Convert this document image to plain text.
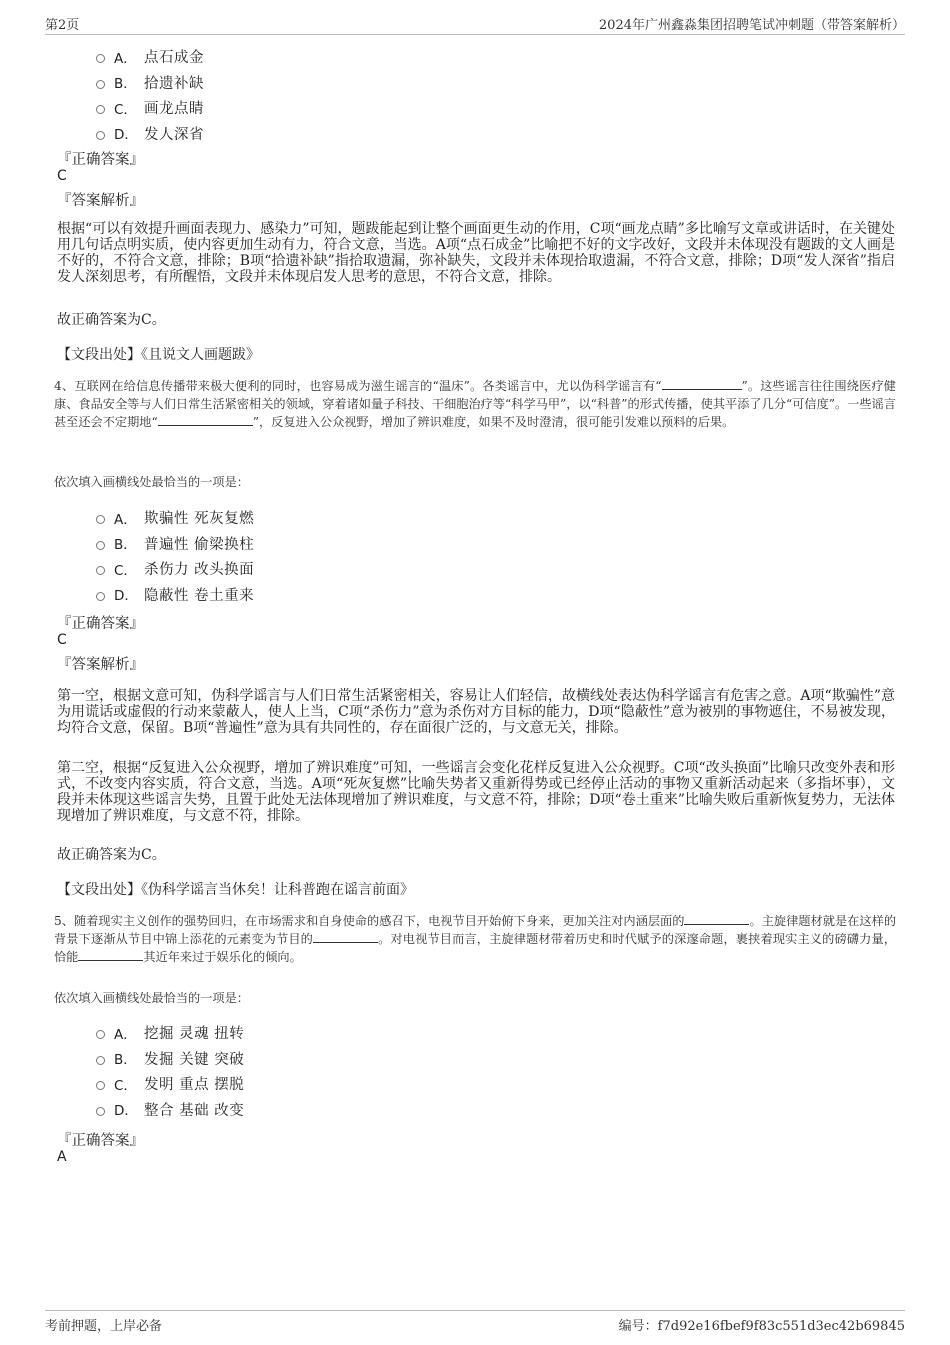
第2页	2024年广州鑫淼集团招聘笔试冲刺题（带答案解析）
A． 点石成金
B． 拾遗补缺
C． 画龙点睛
D． 发人深省
『正确答案』
C
『答案解析』
根据“可以有效提升画面表现力、感染力”可知，题跋能起到让整个画面更生动的作用，C项“画龙点睛”多比喻写文章或讲话时，在关键处用几句话点明实质，使内容更加生动有力，符合文意，当选。A项“点石成金”比喻把不好的文字改好，文段并未体现没有题跋的文人画是不好的，不符合文意，排除；B项“拾遗补缺”指拾取遗漏，弥补缺失，文段并未体现拾取遗漏，不符合文意，排除；D项“发人深省”指启发人深刻思考，有所醒悟，文段并未体现启发人思考的意思，不符合文意，排除。
故正确答案为C。
【文段出处】《且说文人画题跋》
4、互联网在给信息传播带来极大便利的同时，也容易成为滋生谣言的“温床”。各类谣言中，尤以伪科学谣言有“	”。这些谣言往往围绕医疗健康、食品安全等与人们日常生活紧密相关的领域，穿着诸如量子科技、干细胞治疗等“科学马甲”，以“科普”的形式传播，使其平添了几分“可信度”。一些谣言甚至还会不定期地“	”，反复进入公众视野，增加了辨识难度，如果不及时澄清，很可能引发难以预料的后果。
依次填入画横线处最恰当的一项是：
A． 欺骗性 死灰复燃
B． 普遍性 偷梁换柱
C． 杀伤力 改头换面
D． 隐蔽性 卷土重来
『正确答案』
C
『答案解析』
第一空，根据文意可知，伪科学谣言与人们日常生活紧密相关，容易让人们轻信，故横线处表达伪科学谣言有危害之意。A项“欺骗性”意为用谎话或虚假的行动来蒙蔽人，使人上当，C项“杀伤力”意为杀伤对方目标的能力，D项“隐蔽性”意为被别的事物遮住，不易被发现，均符合文意，保留。B项“普遍性”意为具有共同性的，存在面很广泛的，与文意无关，排除。
第二空，根据“反复进入公众视野，增加了辨识难度”可知，一些谣言会变化花样反复进入公众视野。C项“改头换面”比喻只改变外表和形式，不改变内容实质，符合文意，当选。A项“死灰复燃”比喻失势者又重新得势或已经停止活动的事物又重新活动起来（多指坏事），文段并未体现这些谣言失势，且置于此处无法体现增加了辨识难度，与文意不符，排除；D项“卷土重来”比喻失败后重新恢复势力，无法体现增加了辨识难度，与文意不符，排除。
故正确答案为C。
【文段出处】《伪科学谣言当休矣！让科普跑在谣言前面》
5、随着现实主义创作的强势回归，在市场需求和自身使命的感召下，电视节目开始俯下身来，更加关注对内涵层面的	。主旋律题材就是在这样的背景下逐渐从节目中锦上添花的元素变为节目的	。对电视节目而言，主旋律题材带着历史和时代赋予的深邃命题，裹挟着现实主义的磅礴力量，恰能	其近年来过于娱乐化的倾向。
依次填入画横线处最恰当的一项是：
A． 挖掘 灵魂 扭转
B． 发掘 关键 突破
C． 发明 重点 摆脱
D． 整合 基础 改变
『正确答案』
A
考前押题，上岸必备	编号：f7d92e16fbef9f83c551d3ec42b69845
